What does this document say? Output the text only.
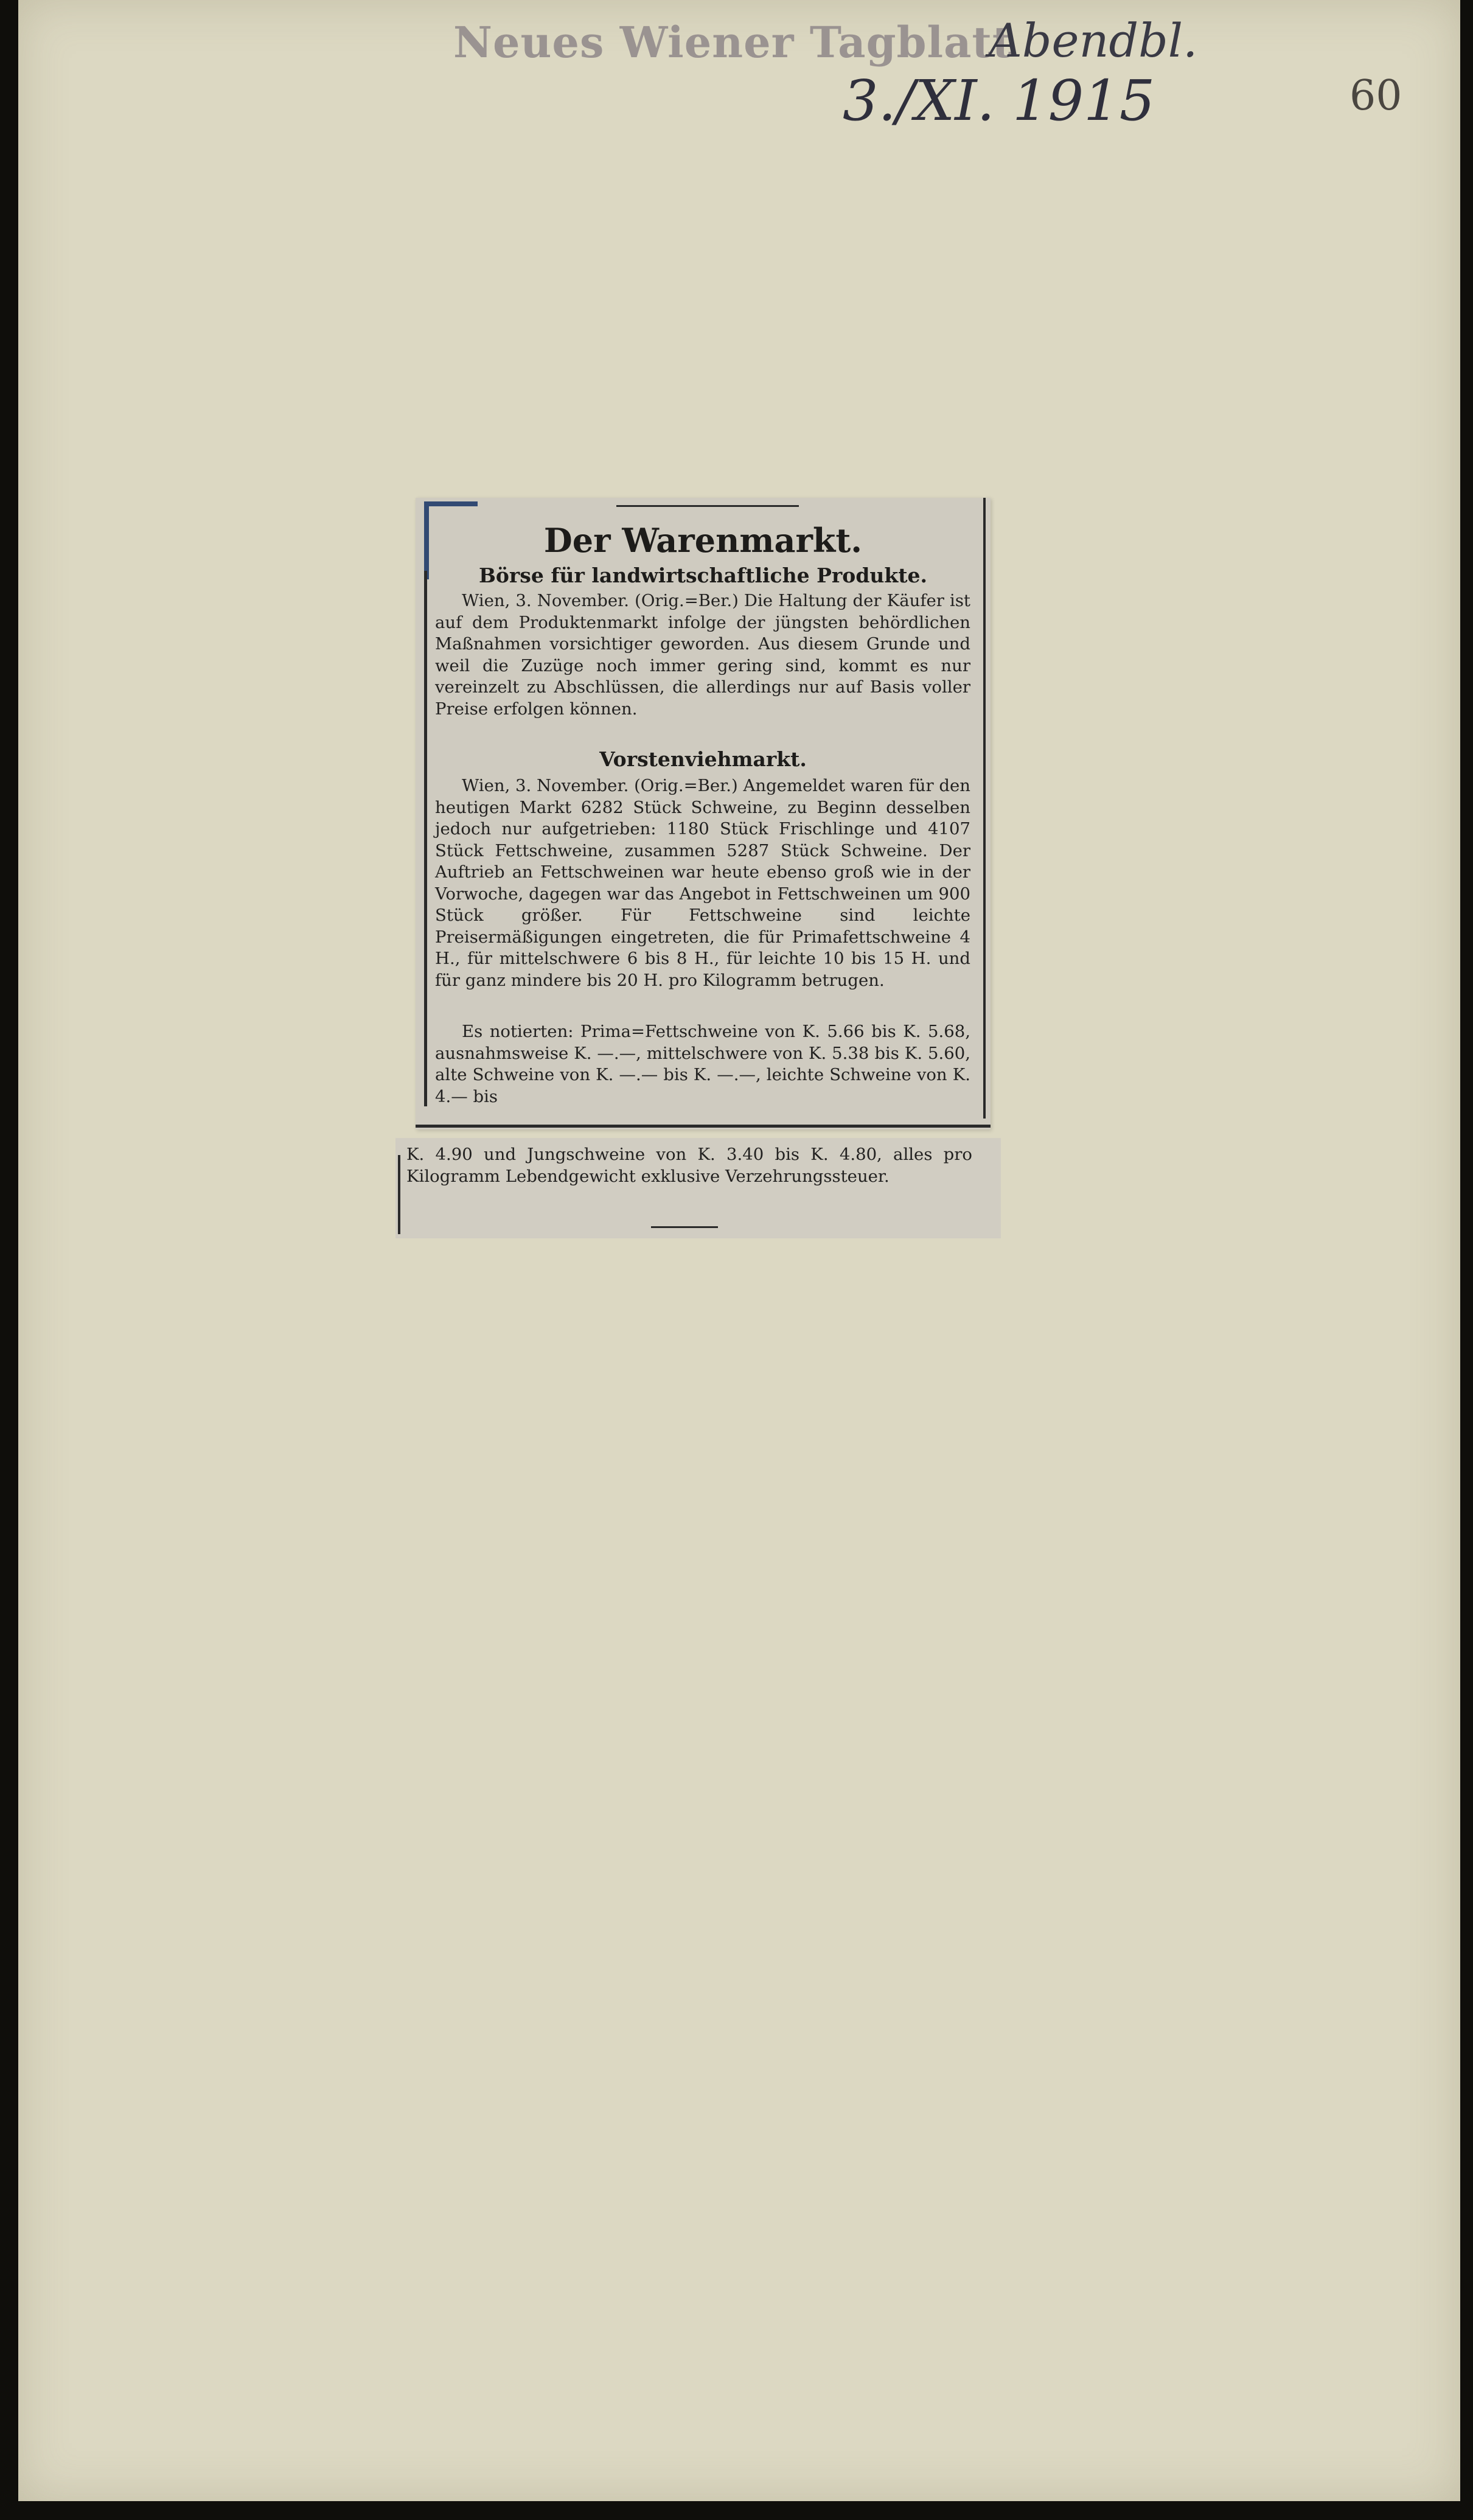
Neues Wiener Tagblatt
Abendbl.
3./XI. 1915	60
Der Warenmarkt.
Börse für landwirtschaftliche Produkte.
Wien, 3. November. (Orig.=Ber.) Die Haltung der Käufer ist auf dem Produktenmarkt infolge der jüngsten behördlichen Maßnahmen vorsichtiger geworden. Aus diesem Grunde und weil die Zuzüge noch immer gering sind, kommt es nur vereinzelt zu Abschlüssen, die allerdings nur auf Basis voller Preise erfolgen können.
Vorstenviehmarkt.
Wien, 3. November. (Orig.=Ber.) Angemeldet waren für den heutigen Markt 6282 Stück Schweine, zu Beginn desselben jedoch nur aufgetrieben: 1180 Stück Frischlinge und 4107 Stück Fettschweine, zusammen 5287 Stück Schweine. Der Auftrieb an Fettschweinen war heute ebenso groß wie in der Vorwoche, dagegen war das Angebot in Fettschweinen um 900 Stück größer. Für Fettschweine sind leichte Preisermäßigungen eingetreten, die für Primafettschweine 4 H., für mittelschwere 6 bis 8 H., für leichte 10 bis 15 H. und für ganz mindere bis 20 H. pro Kilogramm betrugen.
Es notierten: Prima=Fettschweine von K. 5.66 bis K. 5.68, ausnahmsweise K. —.—, mittelschwere von K. 5.38 bis K. 5.60, alte Schweine von K. —.— bis K. —.—, leichte Schweine von K. 4.— bis
K. 4.90 und Jungschweine von K. 3.40 bis K. 4.80, alles pro Kilogramm Lebendgewicht exklusive Verzehrungssteuer.
